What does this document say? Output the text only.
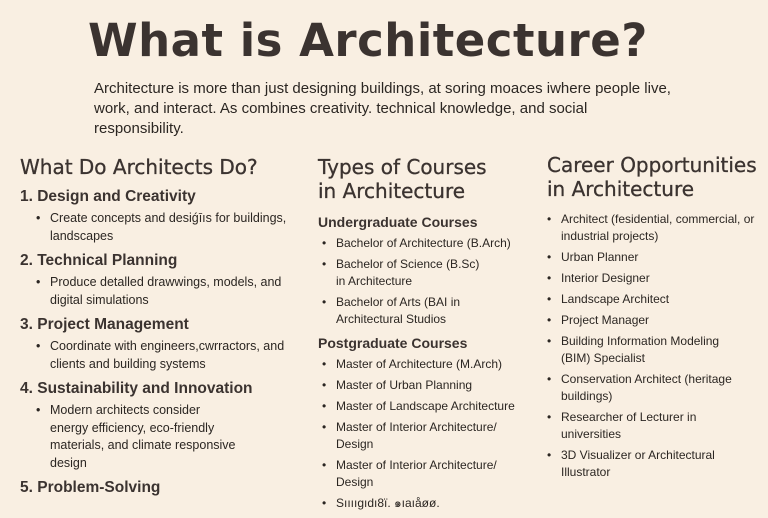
What is Architecture?

Architecture is more than just designing buildings, at soring moaces iwhere people live, work, and interact. As combines creativity. technical knowledge, and social responsibility.

What Do Architects Do?
1. Design and Creativity
• Create concepts and desiǵīıs for buildings, landscapes
2. Technical Planning
• Produce detalled drawwings, models, and digital simulations
3. Project Management
• Coordinate with engineers,cwrractors, and clients and building systems
4. Sustainability and Innovation
• Modern architects consider energy efficiency, eco-friendly materials, and climate responsive design
5. Problem-Solving
Types of Courses
in Architecture
Undergraduate Courses
• Bachelor of Architecture (B.Arch)
• Bachelor of Science (B.Sc) in Architecture
• Bachelor of Arts (BAI in Architectural Studios
Postgraduate Courses
• Master of Architecture (M.Arch)
• Master of Urban Planning
• Master of Landscape Architecture
• Master of Interior Architecture/ Design
• Master of Interior Architecture/ Design
• Sııııgıdı8ï. ๑ıaıåøø.
Career Opportunities
in Architecture
• Architect (fesidential, commercial, or industrial projects)
• Urban Planner
• Interior Designer
• Landscape Architect
• Project Manager
• Building Information Modeling (BIM) Specialist
• Conservation Architect (heritage buildings)
• Researcher of Lecturer in universities
• 3D Visualizer or Architectural Illustrator
